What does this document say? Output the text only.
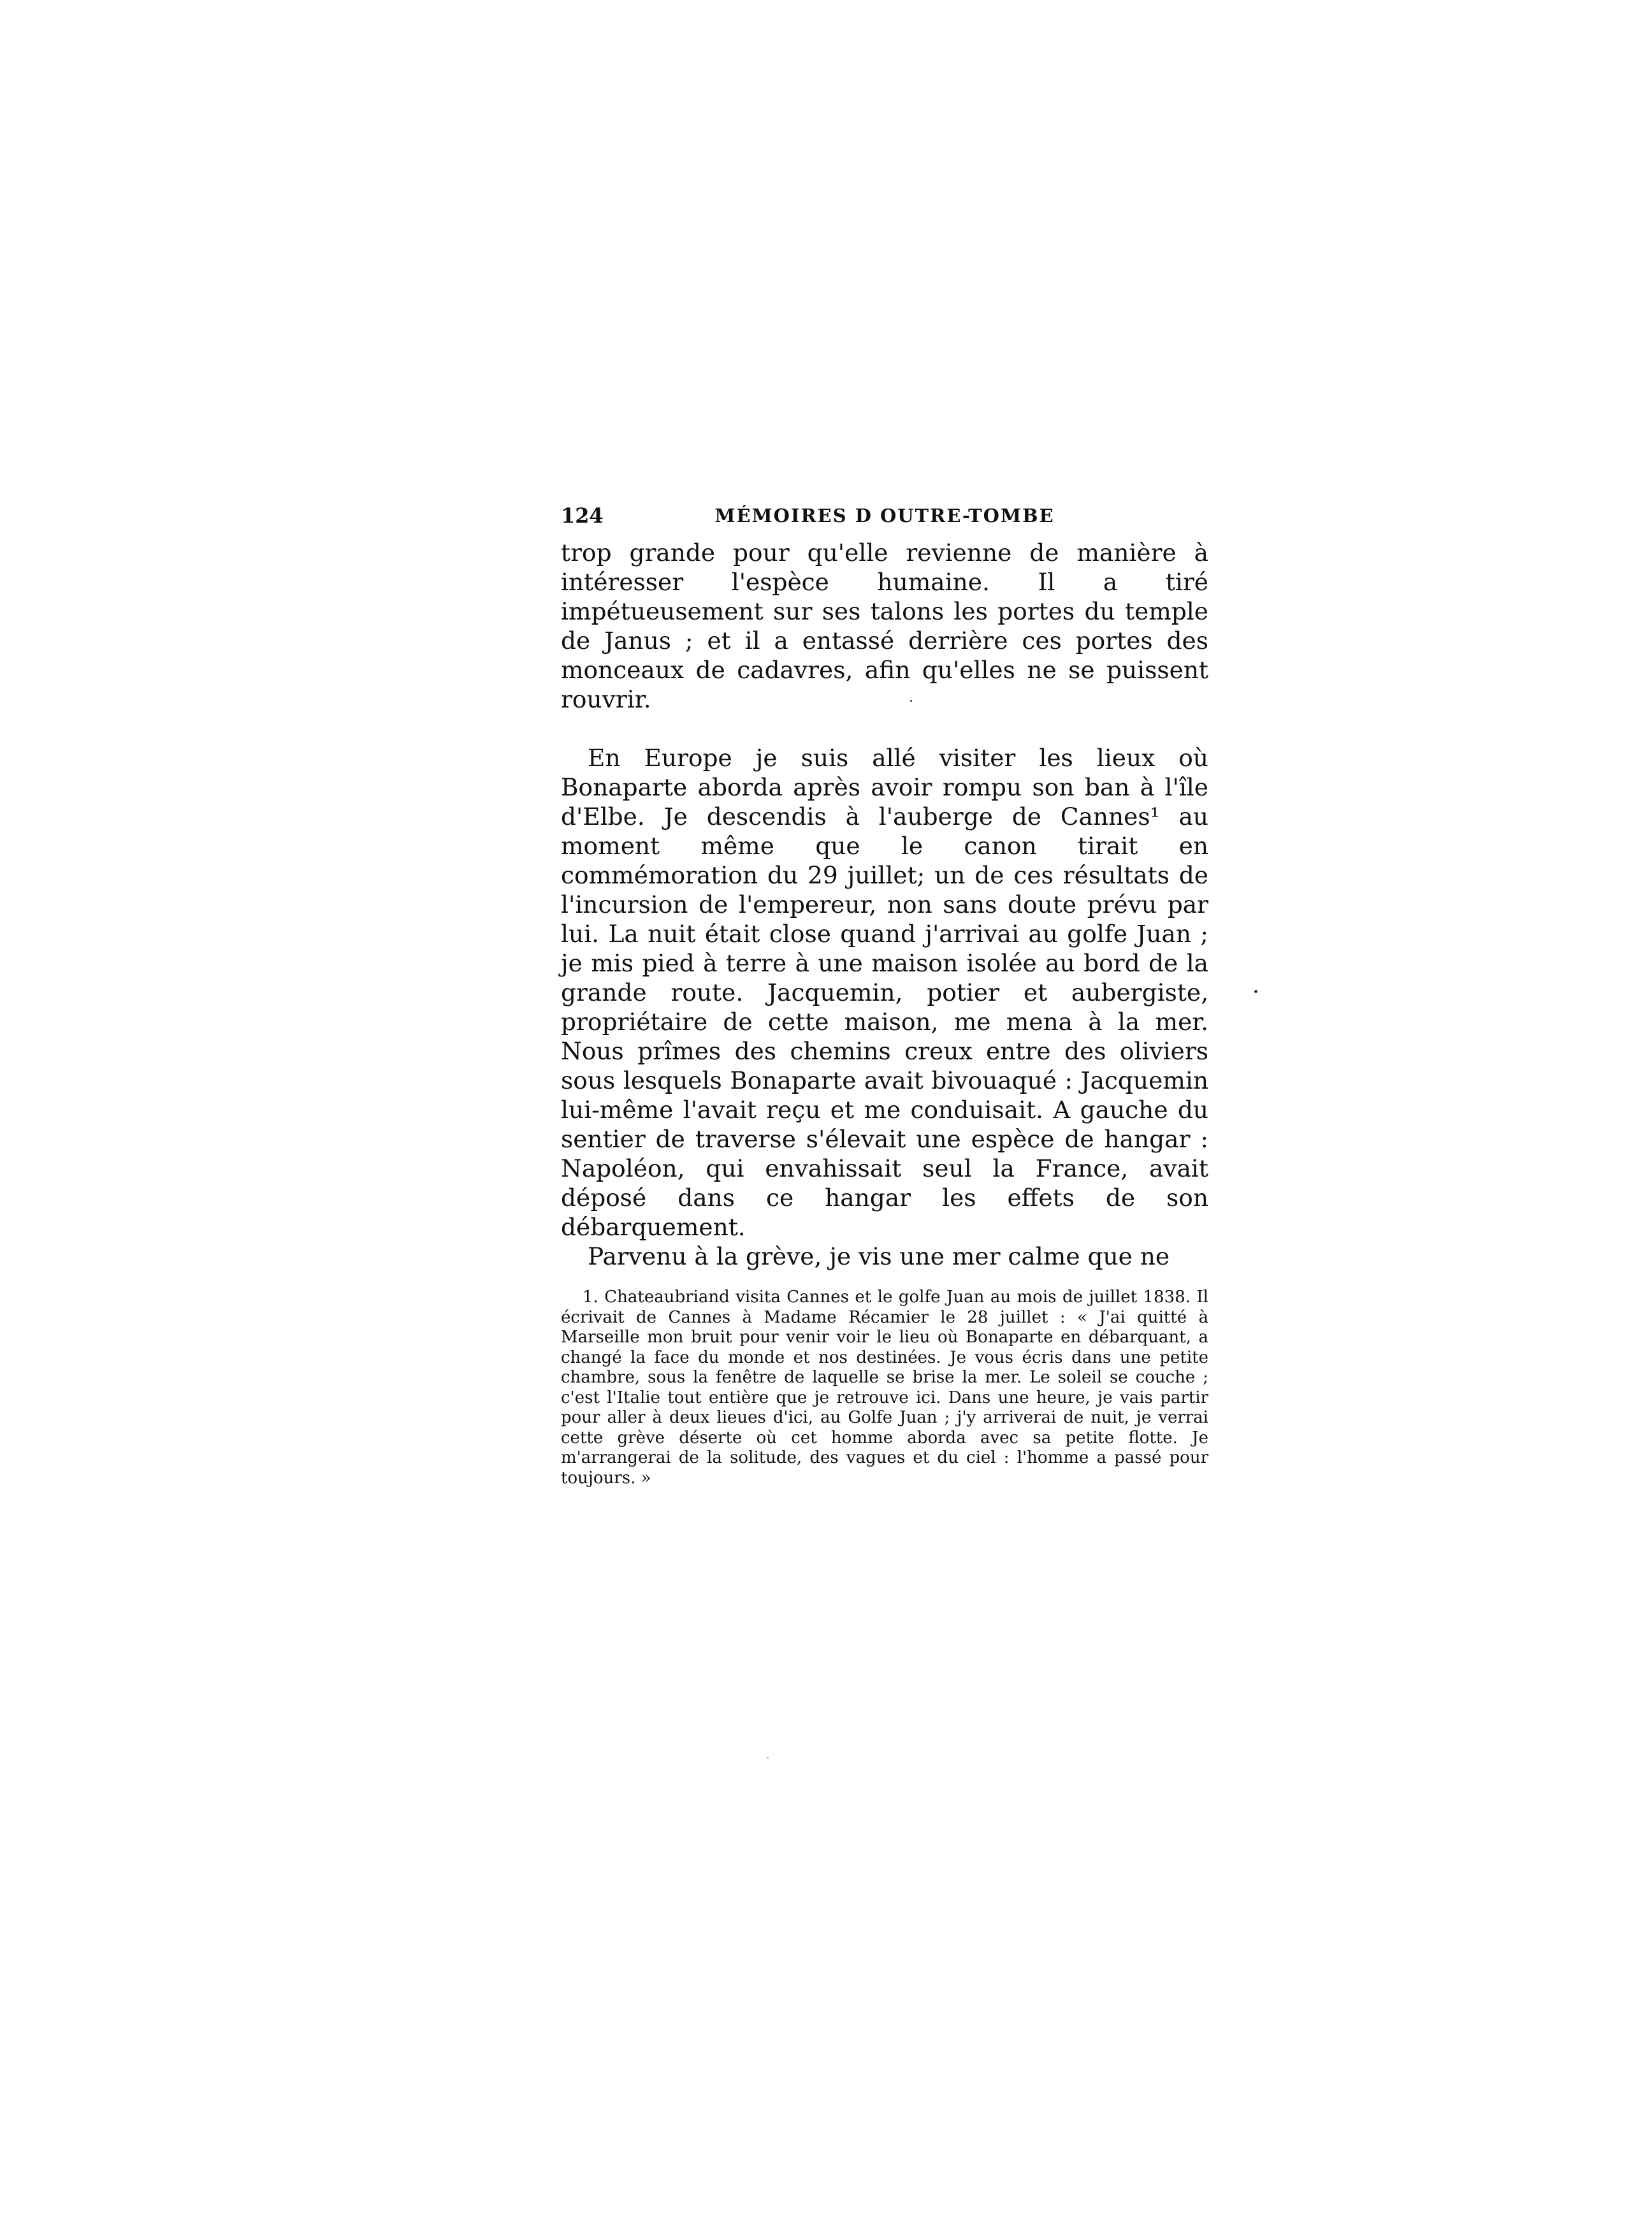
124	MÉMOIRES D OUTRE-TOMBE

trop grande pour qu'elle revienne de manière à intéresser l'espèce humaine. Il a tiré impétueusement sur ses talons les portes du temple de Janus ; et il a entassé derrière ces portes des monceaux de cadavres, afin qu'elles ne se puissent rouvrir.

En Europe je suis allé visiter les lieux où Bonaparte aborda après avoir rompu son ban à l'île d'Elbe. Je descendis à l'auberge de Cannes¹ au moment même que le canon tirait en commémoration du 29 juillet; un de ces résultats de l'incursion de l'empereur, non sans doute prévu par lui. La nuit était close quand j'arrivai au golfe Juan ; je mis pied à terre à une maison isolée au bord de la grande route. Jacquemin, potier et aubergiste, propriétaire de cette maison, me mena à la mer. Nous prîmes des chemins creux entre des oliviers sous lesquels Bonaparte avait bivouaqué : Jacquemin lui-même l'avait reçu et me conduisait. A gauche du sentier de traverse s'élevait une espèce de hangar : Napoléon, qui envahissait seul la France, avait déposé dans ce hangar les effets de son débarquement.

Parvenu à la grève, je vis une mer calme que ne

1. Chateaubriand visita Cannes et le golfe Juan au mois de juillet 1838. Il écrivait de Cannes à Madame Récamier le 28 juillet : « J'ai quitté à Marseille mon bruit pour venir voir le lieu où Bonaparte en débarquant, a changé la face du monde et nos destinées. Je vous écris dans une petite chambre, sous la fenêtre de laquelle se brise la mer. Le soleil se couche ; c'est l'Italie tout entière que je retrouve ici. Dans une heure, je vais partir pour aller à deux lieues d'ici, au Golfe Juan ; j'y arriverai de nuit, je verrai cette grève déserte où cet homme aborda avec sa petite flotte. Je m'arrangerai de la solitude, des vagues et du ciel : l'homme a passé pour toujours. »
